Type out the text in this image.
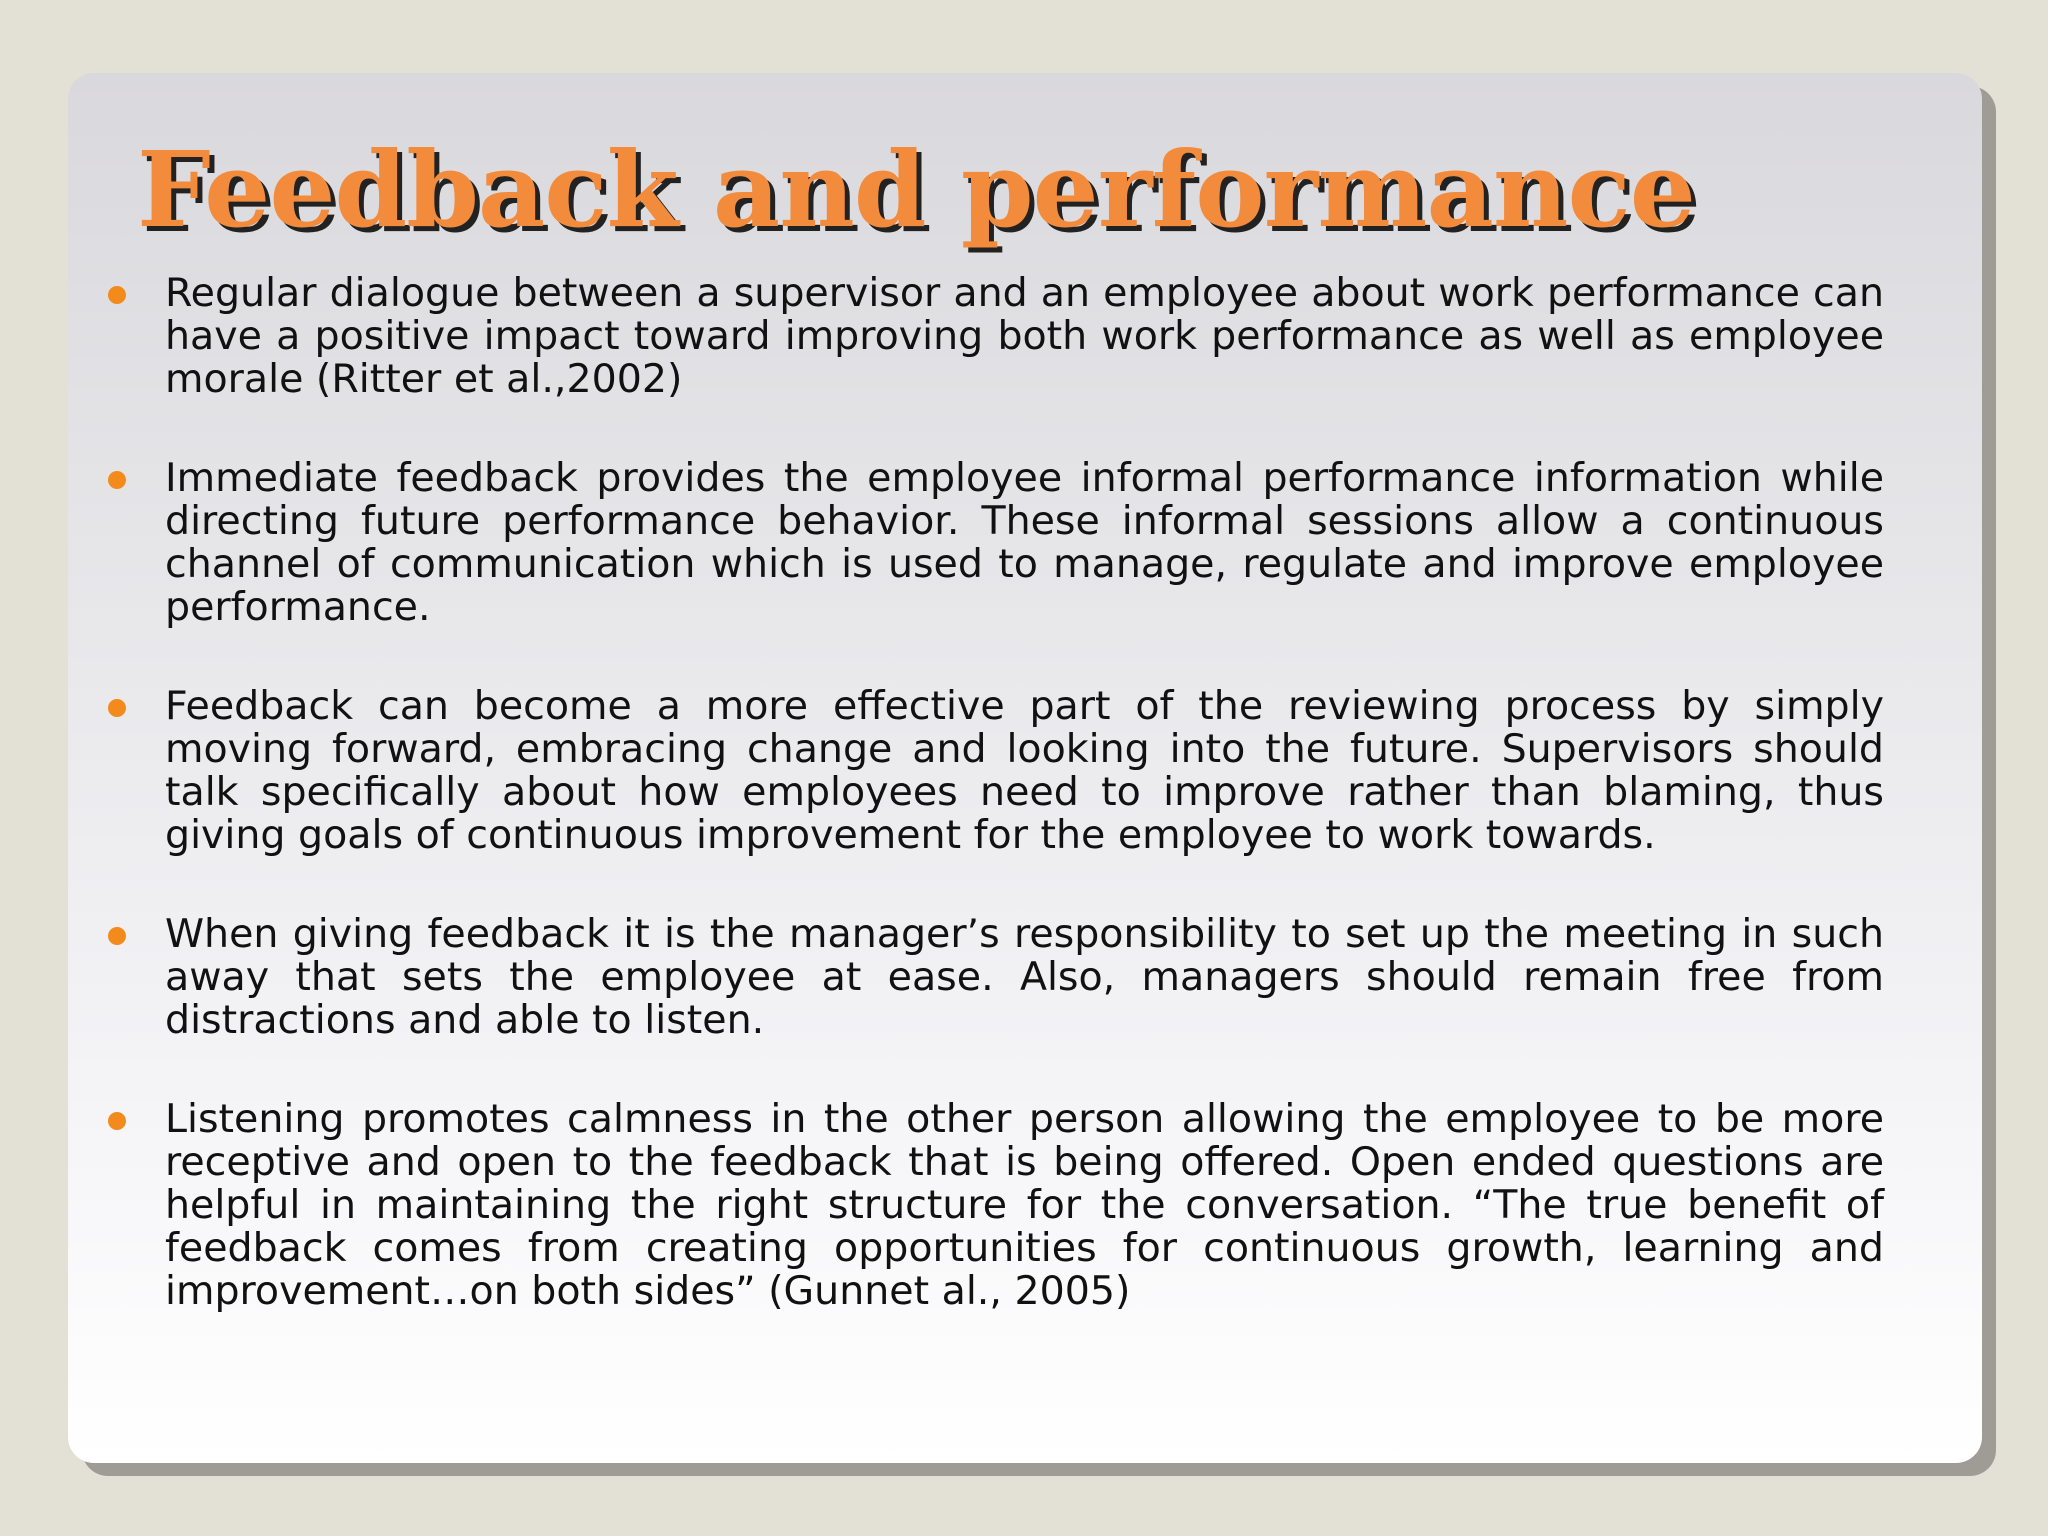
Feedback and performance
Regular dialogue between a supervisor and an employee about work performance can have a positive impact toward improving both work performance as well as employee morale (Ritter et al.,2002)
Immediate feedback provides the employee informal performance information while directing future performance behavior. These informal sessions allow a continuous channel of communication which is used to manage, regulate and improve employee performance.
Feedback can become a more effective part of the reviewing process by simply moving forward, embracing change and looking into the future. Supervisors should talk specifically about how employees need to improve rather than blaming, thus giving goals of continuous improvement for the employee to work towards.
When giving feedback it is the manager’s responsibility to set up the meeting in such away that sets the employee at ease. Also, managers should remain free from distractions and able to listen.
Listening promotes calmness in the other person allowing the employee to be more receptive and open to the feedback that is being offered. Open ended questions are helpful in maintaining the right structure for the conversation. “The true benefit of feedback comes from creating opportunities for continuous growth, learning and improvement…on both sides” (Gunnet al., 2005)
